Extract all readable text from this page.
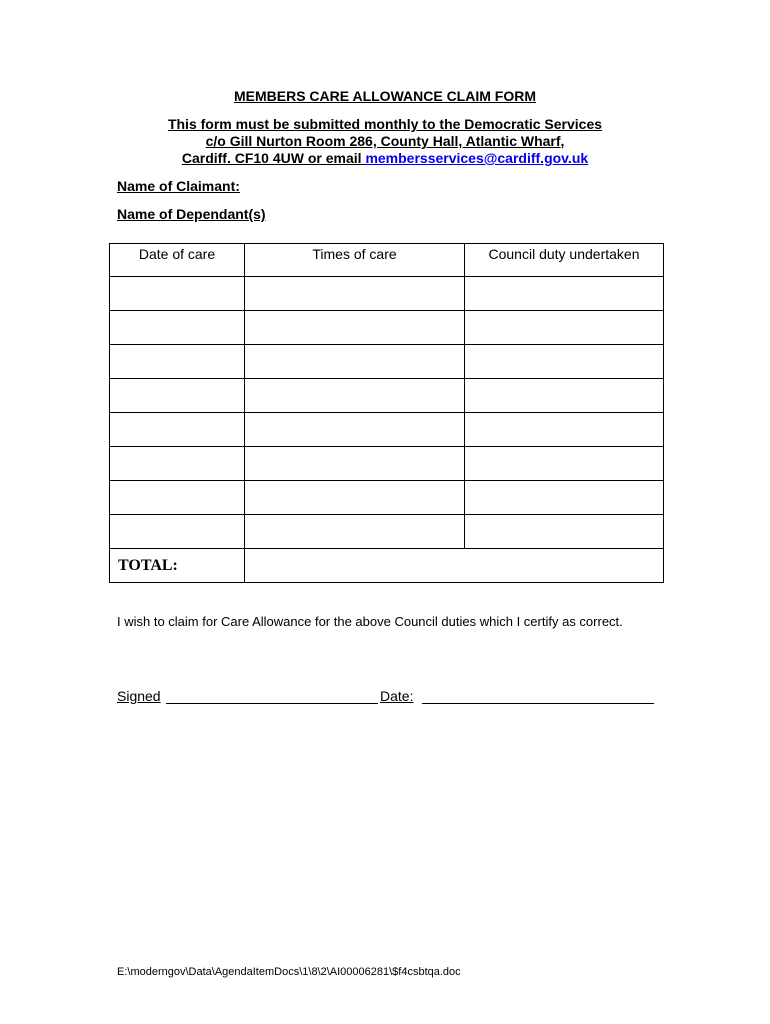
MEMBERS CARE ALLOWANCE CLAIM FORM
This form must be submitted monthly to the Democratic Services
c/o Gill Nurton Room 286, County Hall, Atlantic Wharf,
Cardiff. CF10 4UW or email membersservices@cardiff.gov.uk
Name of Claimant:
Name of Dependant(s)
Date of care	Times of care	Council duty undertaken

TOTAL:		
I wish to claim for Care Allowance for the above Council duties which I certify as correct.
Signed	Date:
E:\moderngov\Data\AgendaItemDocs\1\8\2\AI00006281\$f4csbtqa.doc
